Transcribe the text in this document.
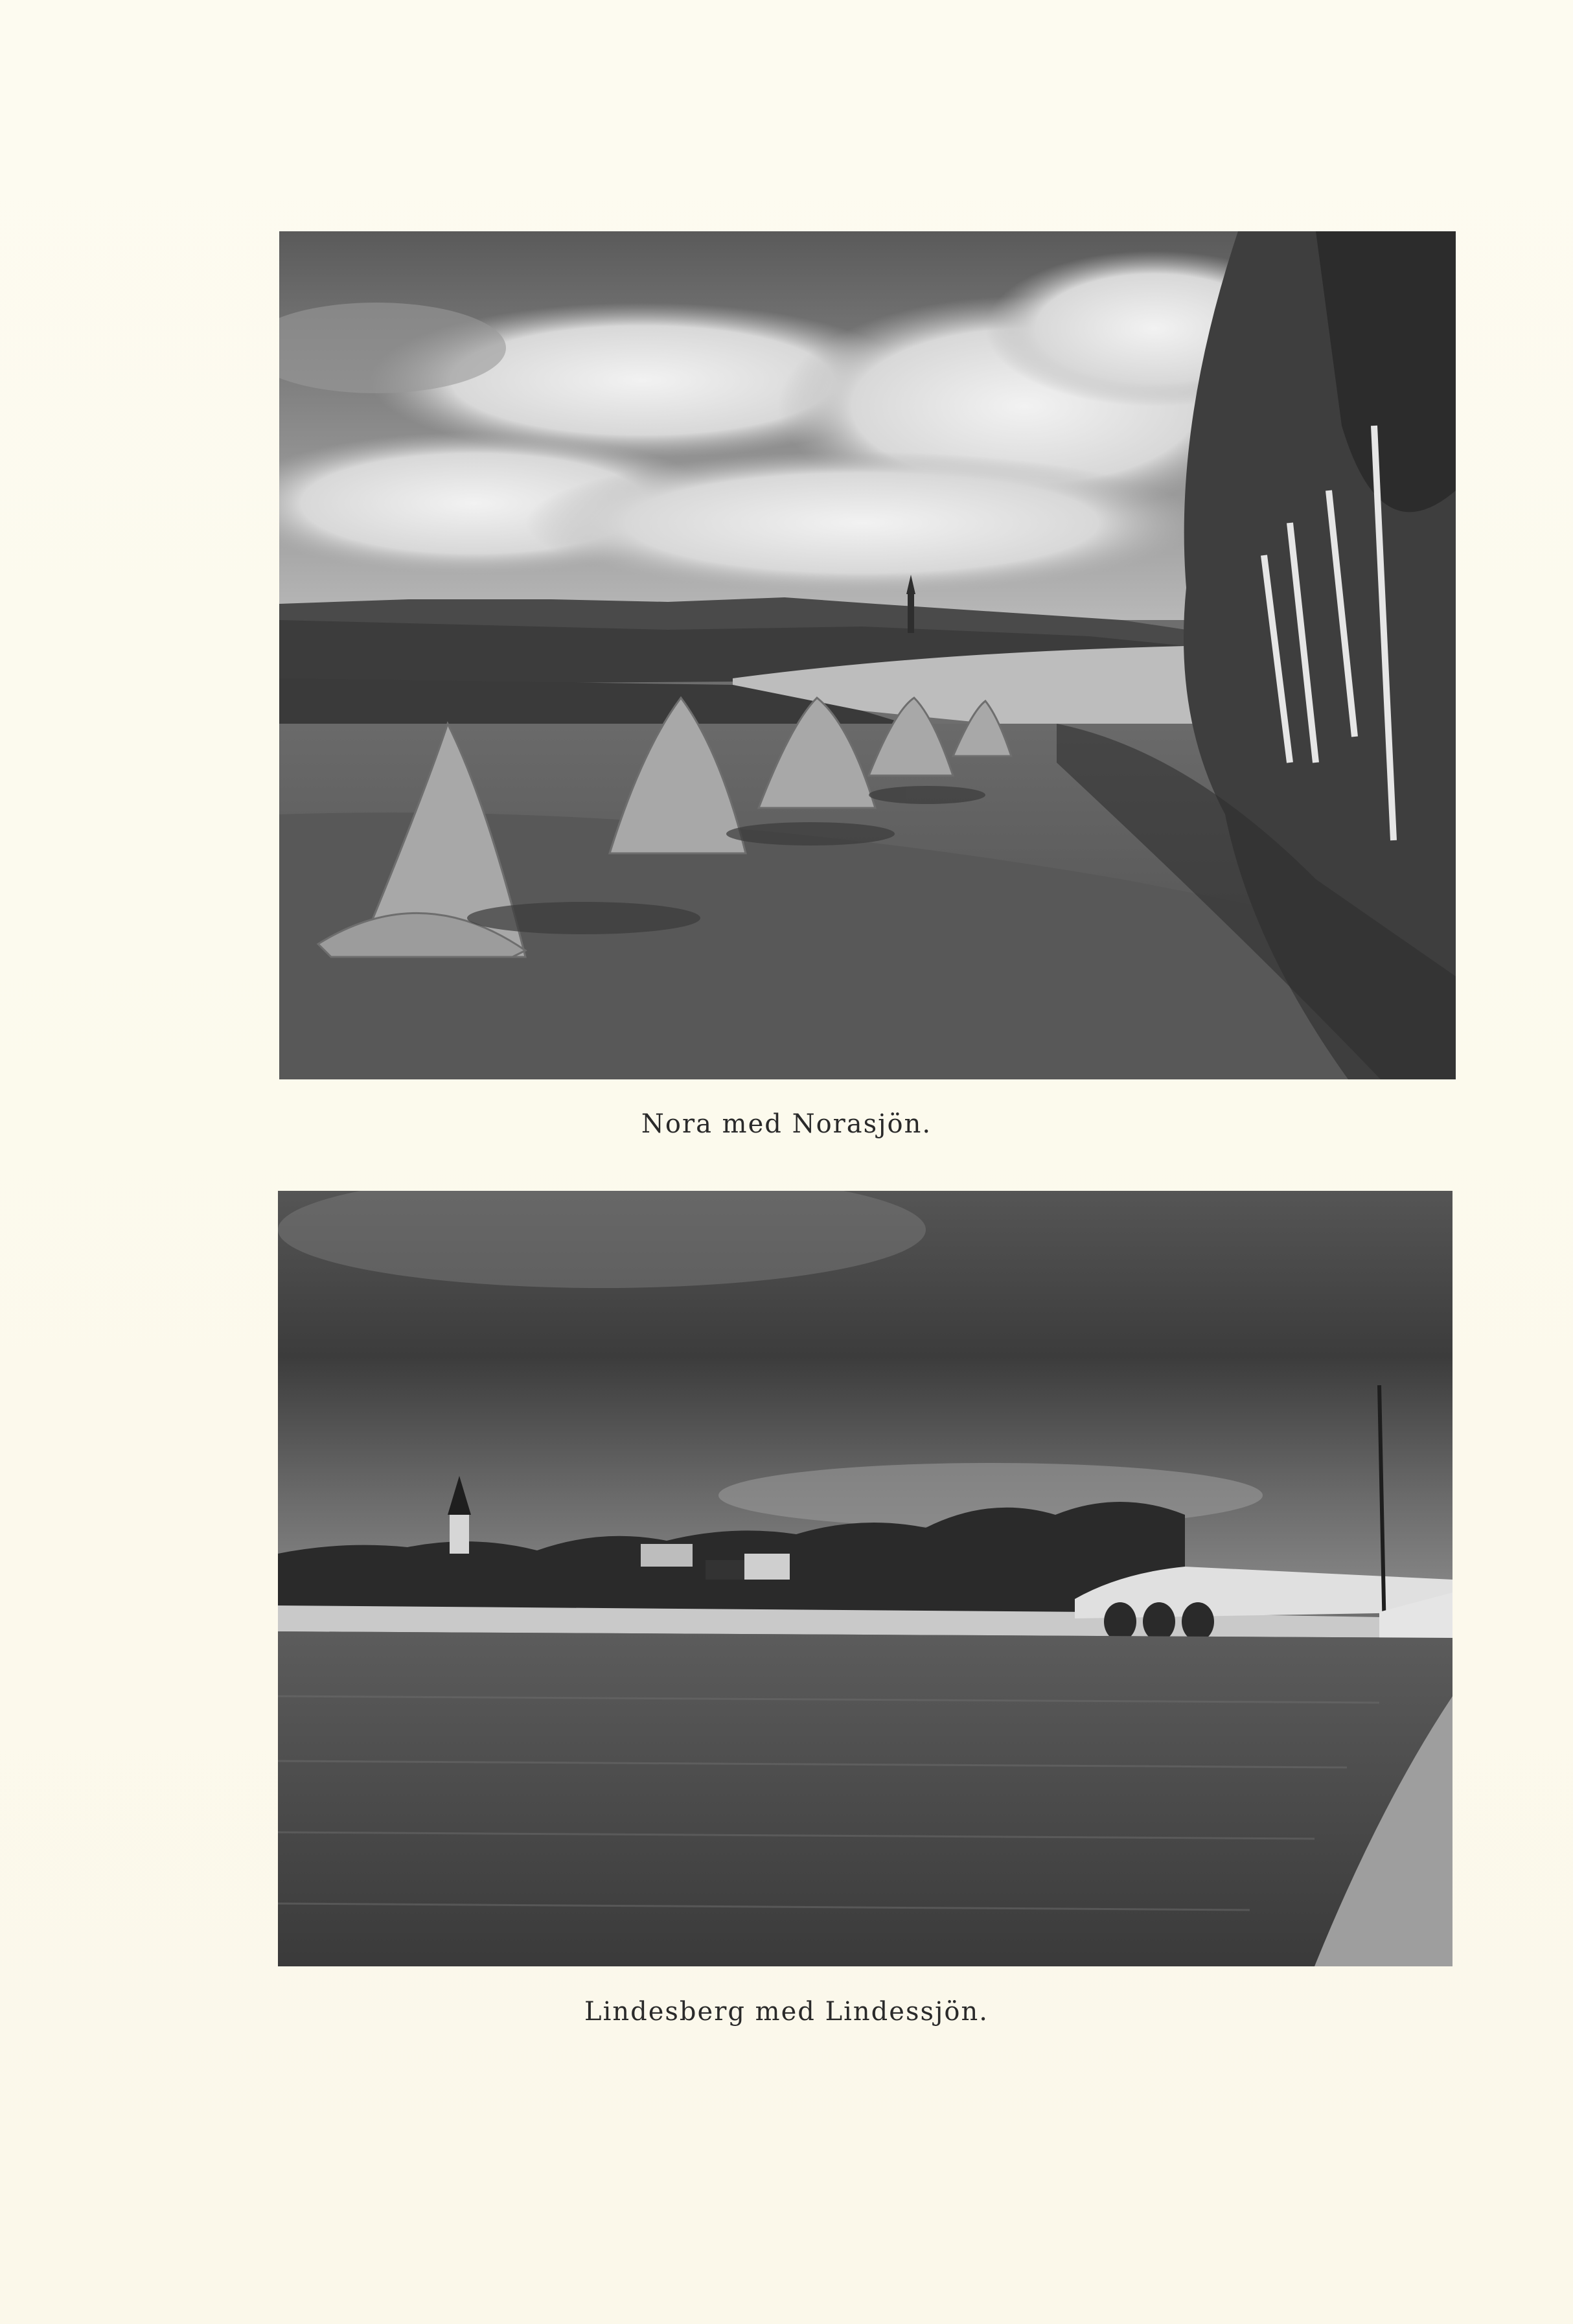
Nora med Norasjön.
Lindesberg med Lindessjön.
